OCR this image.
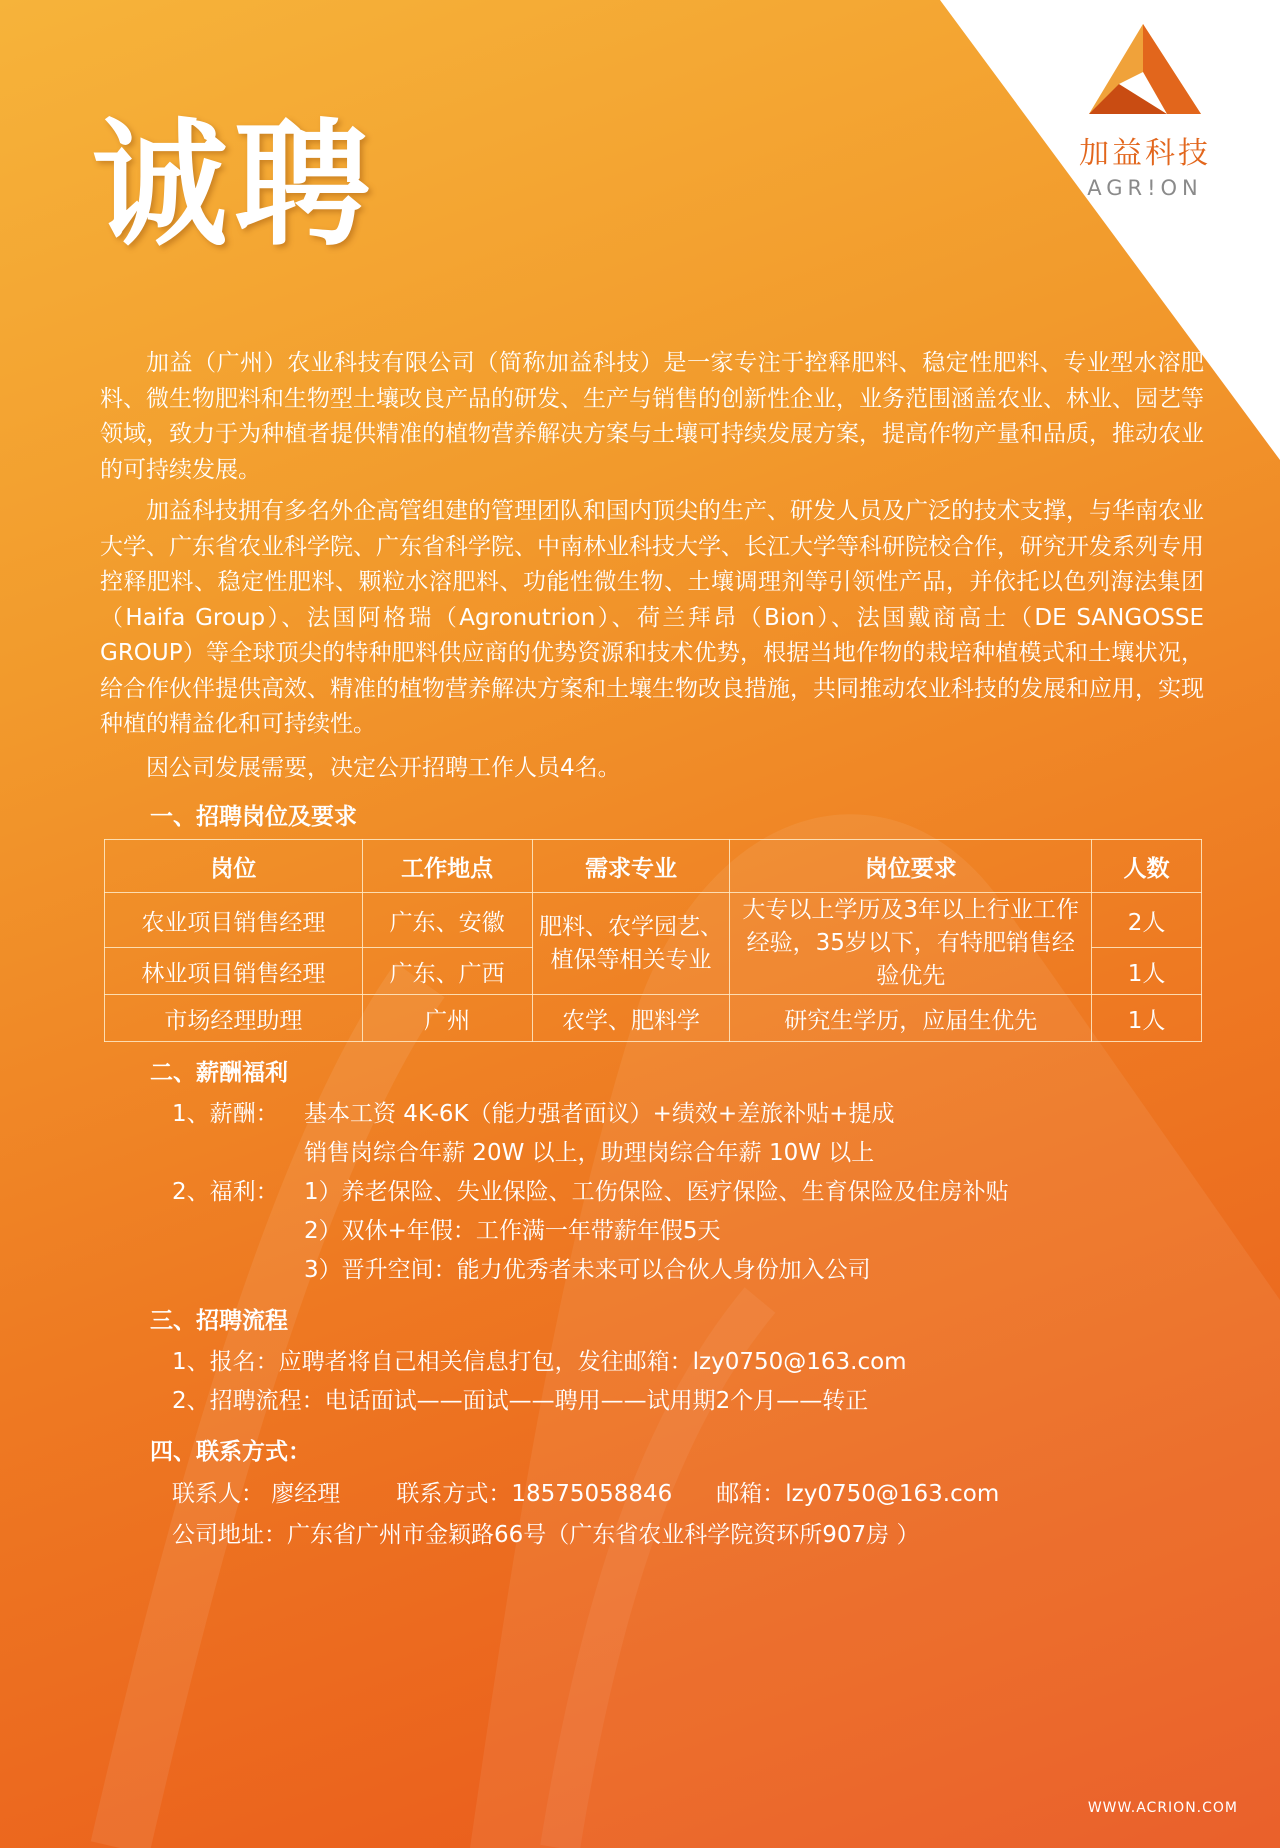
加益科技
AGR!ON
诚聘

加益（广州）农业科技有限公司（简称加益科技）是一家专注于控释肥料、稳定性肥料、专业型水溶肥料、微生物肥料和生物型土壤改良产品的研发、生产与销售的创新性企业，业务范围涵盖农业、林业、园艺等领域，致力于为种植者提供精准的植物营养解决方案与土壤可持续发展方案，提高作物产量和品质，推动农业的可持续发展。

加益科技拥有多名外企高管组建的管理团队和国内顶尖的生产、研发人员及广泛的技术支撑，与华南农业大学、广东省农业科学院、广东省科学院、中南林业科技大学、长江大学等科研院校合作，研究开发系列专用控释肥料、稳定性肥料、颗粒水溶肥料、功能性微生物、土壤调理剂等引领性产品，并依托以色列海法集团（Haifa Group）、法国阿格瑞（Agronutrion）、荷兰拜昂（Bion）、法国戴商高士（DE SANGOSSE GROUP）等全球顶尖的特种肥料供应商的优势资源和技术优势，根据当地作物的栽培种植模式和土壤状况，给合作伙伴提供高效、精准的植物营养解决方案和土壤生物改良措施，共同推动农业科技的发展和应用，实现种植的精益化和可持续性。

因公司发展需要，决定公开招聘工作人员4名。

一、招聘岗位及要求
岗位	工作地点	需求专业	岗位要求	人数
农业项目销售经理	广东、安徽	肥料、农学园艺、植保等相关专业	大专以上学历及3年以上行业工作经验，35岁以下，有特肥销售经验优先	2人
林业项目销售经理	广东、广西			1人
市场经理助理	广州	农学、肥料学	研究生学历，应届生优先	1人
二、薪酬福利
1、薪酬：	基本工资 4K-6K（能力强者面议）+绩效+差旅补贴+提成
销售岗综合年薪 20W 以上，助理岗综合年薪 10W 以上
2、福利：	1）养老保险、失业保险、工伤保险、医疗保险、生育保险及住房补贴
2）双休+年假：工作满一年带薪年假5天
3）晋升空间：能力优秀者未来可以合伙人身份加入公司
三、招聘流程
1、报名：应聘者将自己相关信息打包，发往邮箱：lzy0750@163.com
2、招聘流程：电话面试——面试——聘用——试用期2个月——转正
四、联系方式：
联系人： 廖经理 联系方式：18575058846 邮箱：lzy0750@163.com
公司地址：广东省广州市金颖路66号（广东省农业科学院资环所907房 ）
WWW.ACRION.COM
